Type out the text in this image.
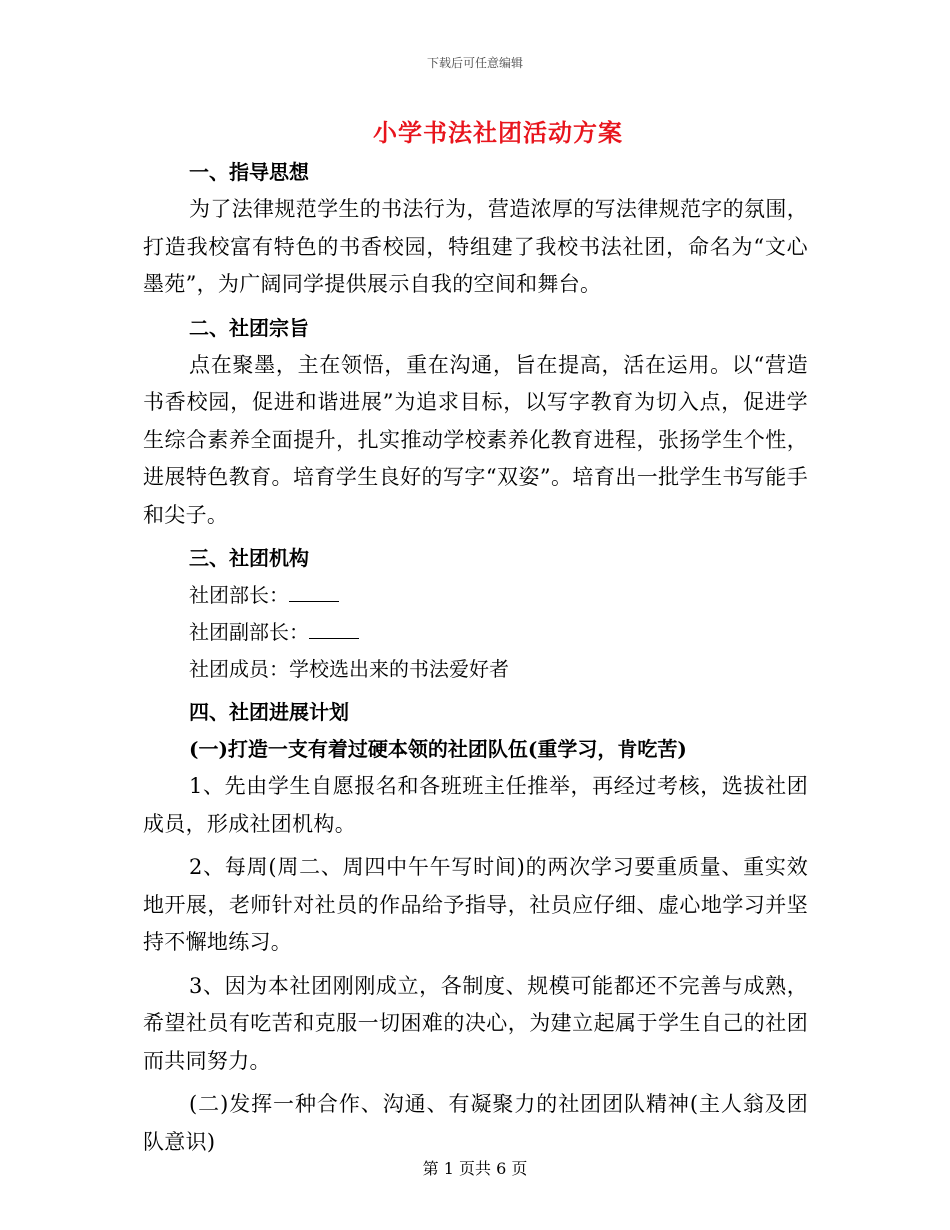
下载后可任意编辑
小学书法社团活动方案

一、指导思想

为了法律规范学生的书法行为，营造浓厚的写法律规范字的氛围，打造我校富有特色的书香校园，特组建了我校书法社团，命名为“文心墨苑”，为广阔同学提供展示自我的空间和舞台。

二、社团宗旨

点在聚墨，主在领悟，重在沟通，旨在提高，活在运用。以“营造书香校园，促进和谐进展”为追求目标，以写字教育为切入点，促进学生综合素养全面提升，扎实推动学校素养化教育进程，张扬学生个性，进展特色教育。培育学生良好的写字“双姿”。培育出一批学生书写能手和尖子。

三、社团机构

社团部长：

社团副部长：

社团成员：学校选出来的书法爱好者

四、社团进展计划

(一)打造一支有着过硬本领的社团队伍(重学习，肯吃苦)

1、先由学生自愿报名和各班班主任推举，再经过考核，选拔社团成员，形成社团机构。

2、每周(周二、周四中午午写时间)的两次学习要重质量、重实效地开展，老师针对社员的作品给予指导，社员应仔细、虚心地学习并坚持不懈地练习。

3、因为本社团刚刚成立，各制度、规模可能都还不完善与成熟，希望社员有吃苦和克服一切困难的决心，为建立起属于学生自己的社团而共同努力。

(二)发挥一种合作、沟通、有凝聚力的社团团队精神(主人翁及团队意识)

第 1 页共 6 页
